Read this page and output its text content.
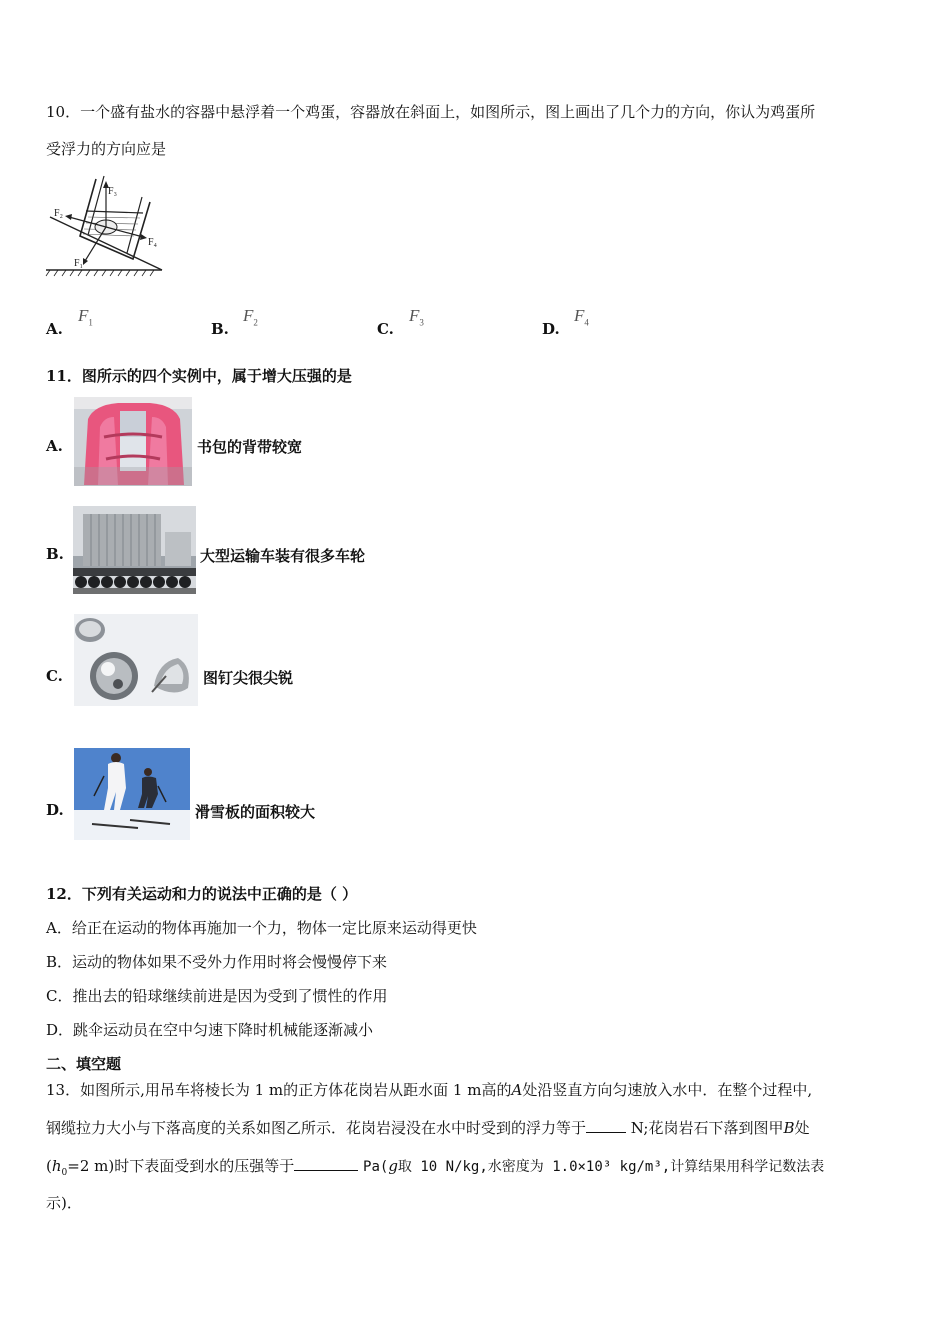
10．一个盛有盐水的容器中悬浮着一个鸡蛋，容器放在斜面上，如图所示，图上画出了几个力的方向，你认为鸡蛋所
受浮力的方向应是
F₃
F₂
F₄
F₁
A.
$F_1$	B.
$F_2$	C.
$F_3$	D.
$F_4$
11．图所示的四个实例中，属于增大压强的是
A.	书包的背带较宽
B.	大型运输车装有很多车轮
C.	图钉尖很尖锐
D.	滑雪板的面积较大
12．下列有关运动和力的说法中正确的是（ ）
A．给正在运动的物体再施加一个力，物体一定比原来运动得更快
B．运动的物体如果不受外力作用时将会慢慢停下来
C．推出去的铅球继续前进是因为受到了惯性的作用
D．跳伞运动员在空中匀速下降时机械能逐渐减小
二、填空题
13．如图所示,用吊车将棱长为 1 m的正方体花岗岩从距水面 1 m高的A处沿竖直方向匀速放入水中．在整个过程中,
钢缆拉力大小与下落高度的关系如图乙所示．花岗岩浸没在水中时受到的浮力等于	N;花岗岩石下落到图甲B处
($h_0=2$ m)时下表面受到水的压强等于	Pa(g取 10 N/kg,水密度为 1.0×10³ kg/m³,计算结果用科学记数法表
示)．
